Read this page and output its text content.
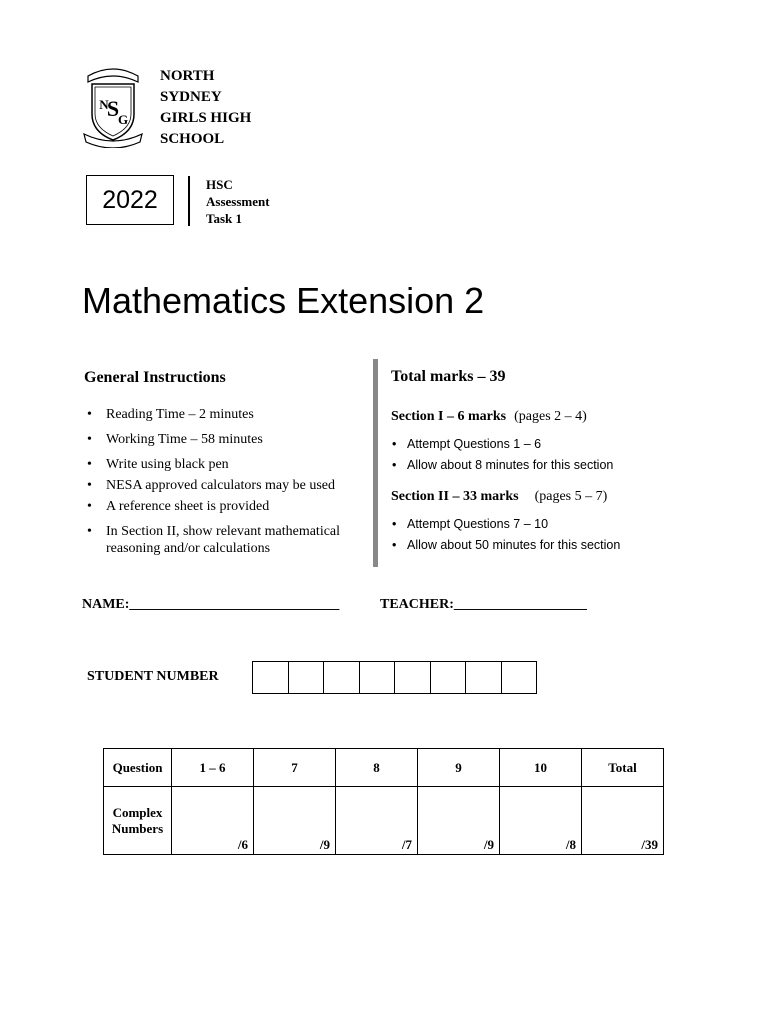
S
N
G
NORTH
SYDNEY
GIRLS HIGH
SCHOOL
2022
HSC
Assessment
Task 1
Mathematics Extension 2
General Instructions
• Reading Time – 2 minutes
• Working Time – 58 minutes
• Write using black pen
• NESA approved calculators may be used
• A reference sheet is provided
• In Section II, show relevant mathematical reasoning and/or calculations
Total marks – 39
Section I – 6 marks (pages 2 – 4)
• Attempt Questions 1 – 6
• Allow about 8 minutes for this section
Section II – 33 marks (pages 5 – 7)
• Attempt Questions 7 – 10
• Allow about 50 minutes for this section
NAME:______________________________	TEACHER:___________________
STUDENT NUMBER
Question	1 – 6	7	8	9	10	Total
Complex Numbers	/6	/9	/7	/9	/8	/39
